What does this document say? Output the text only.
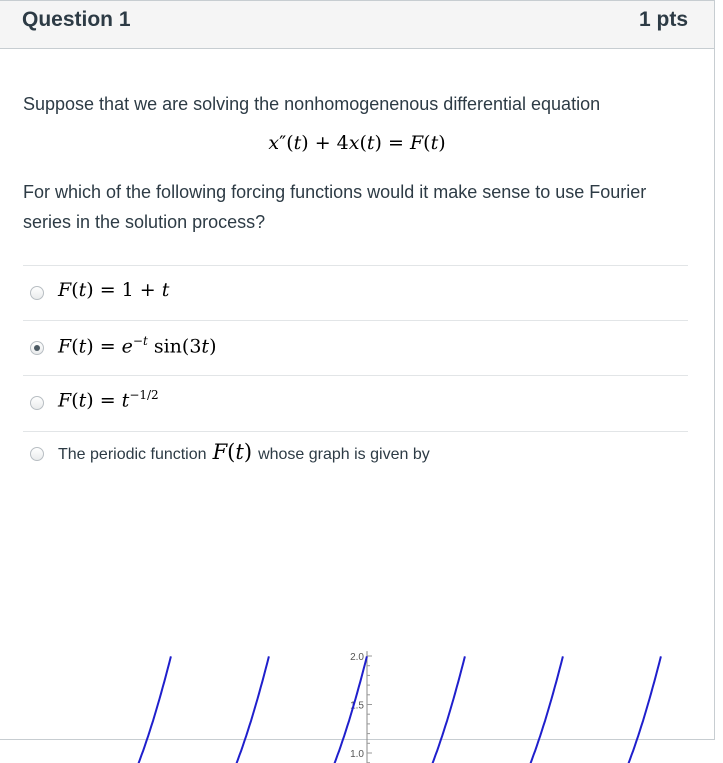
Question 1	1 pts
Suppose that we are solving the nonhomogenenous differential equation
x″(t) + 4x(t) = F(t)
For which of the following forcing functions would it make sense to use Fourier series in the solution process?
F(t) = 1 + t
$F(t) = e^{-t}$ sin(3t)
$F(t) = t^{-1/2}$
The periodic function F(t) whose graph is given by
1.0
1.5
2.0
